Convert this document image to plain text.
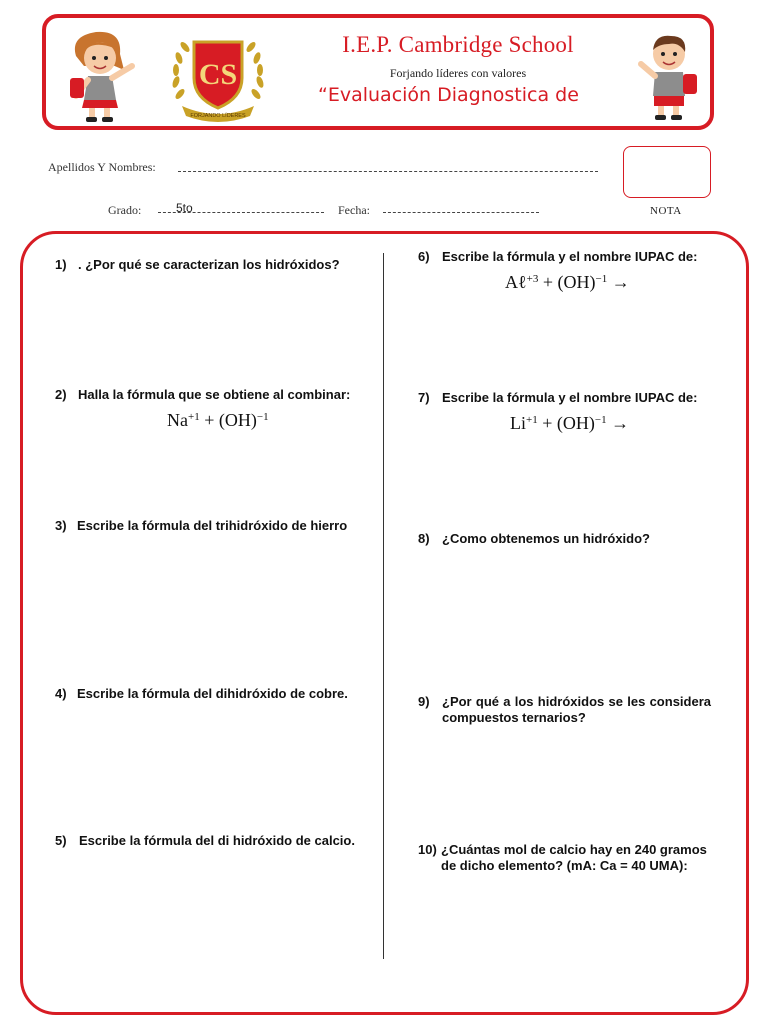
CS
FORJANDO LÍDERES
I.E.P. Cambridge School
Forjando líderes con valores
“Evaluación Diagnostica de
Apellidos Y Nombres:
Grado:	5to	Fecha:	NOTA
1) . ¿Por qué se caracterizan los hidróxidos?
2) Halla la fórmula que se obtiene al combinar:
$Na^{+1} + (OH)^{-1}$
3) Escribe la fórmula del trihidróxido de hierro
4) Escribe la fórmula del dihidróxido de cobre.
5) Escribe la fórmula del di hidróxido de calcio.
6) Escribe la fórmula y el nombre IUPAC de:
Aℓ$^{+3}$ + (OH)$^{-1}$ →
7) Escribe la fórmula y el nombre IUPAC de:
$Li^{+1} + (OH)^{-1}$ →
8) ¿Como obtenemos un hidróxido?
9) ¿Por qué a los hidróxidos se les considera compuestos ternarios?
10) ¿Cuántas mol de calcio hay en 240 gramos de dicho elemento? (mA: Ca = 40 UMA):
